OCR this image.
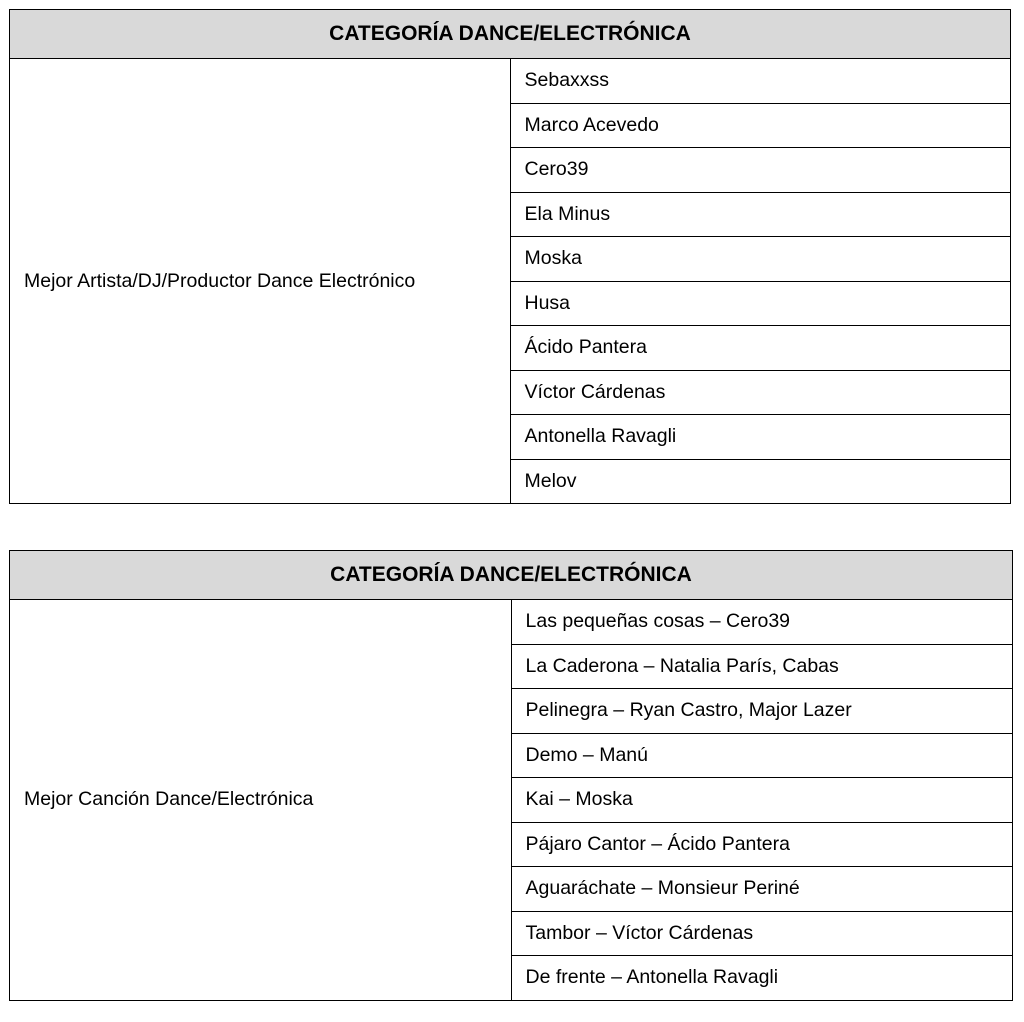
CATEGORÍA DANCE/ELECTRÓNICA
Mejor Artista/DJ/Productor Dance Electrónico	Sebaxxss
Marco Acevedo
Cero39
Ela Minus
Moska
Husa
Ácido Pantera
Víctor Cárdenas
Antonella Ravagli
Melov
CATEGORÍA DANCE/ELECTRÓNICA
Mejor Canción Dance/Electrónica	Las pequeñas cosas – Cero39
La Caderona – Natalia París, Cabas
Pelinegra – Ryan Castro, Major Lazer
Demo – Manú
Kai – Moska
Pájaro Cantor – Ácido Pantera
Aguaráchate – Monsieur Periné
Tambor – Víctor Cárdenas
De frente – Antonella Ravagli
